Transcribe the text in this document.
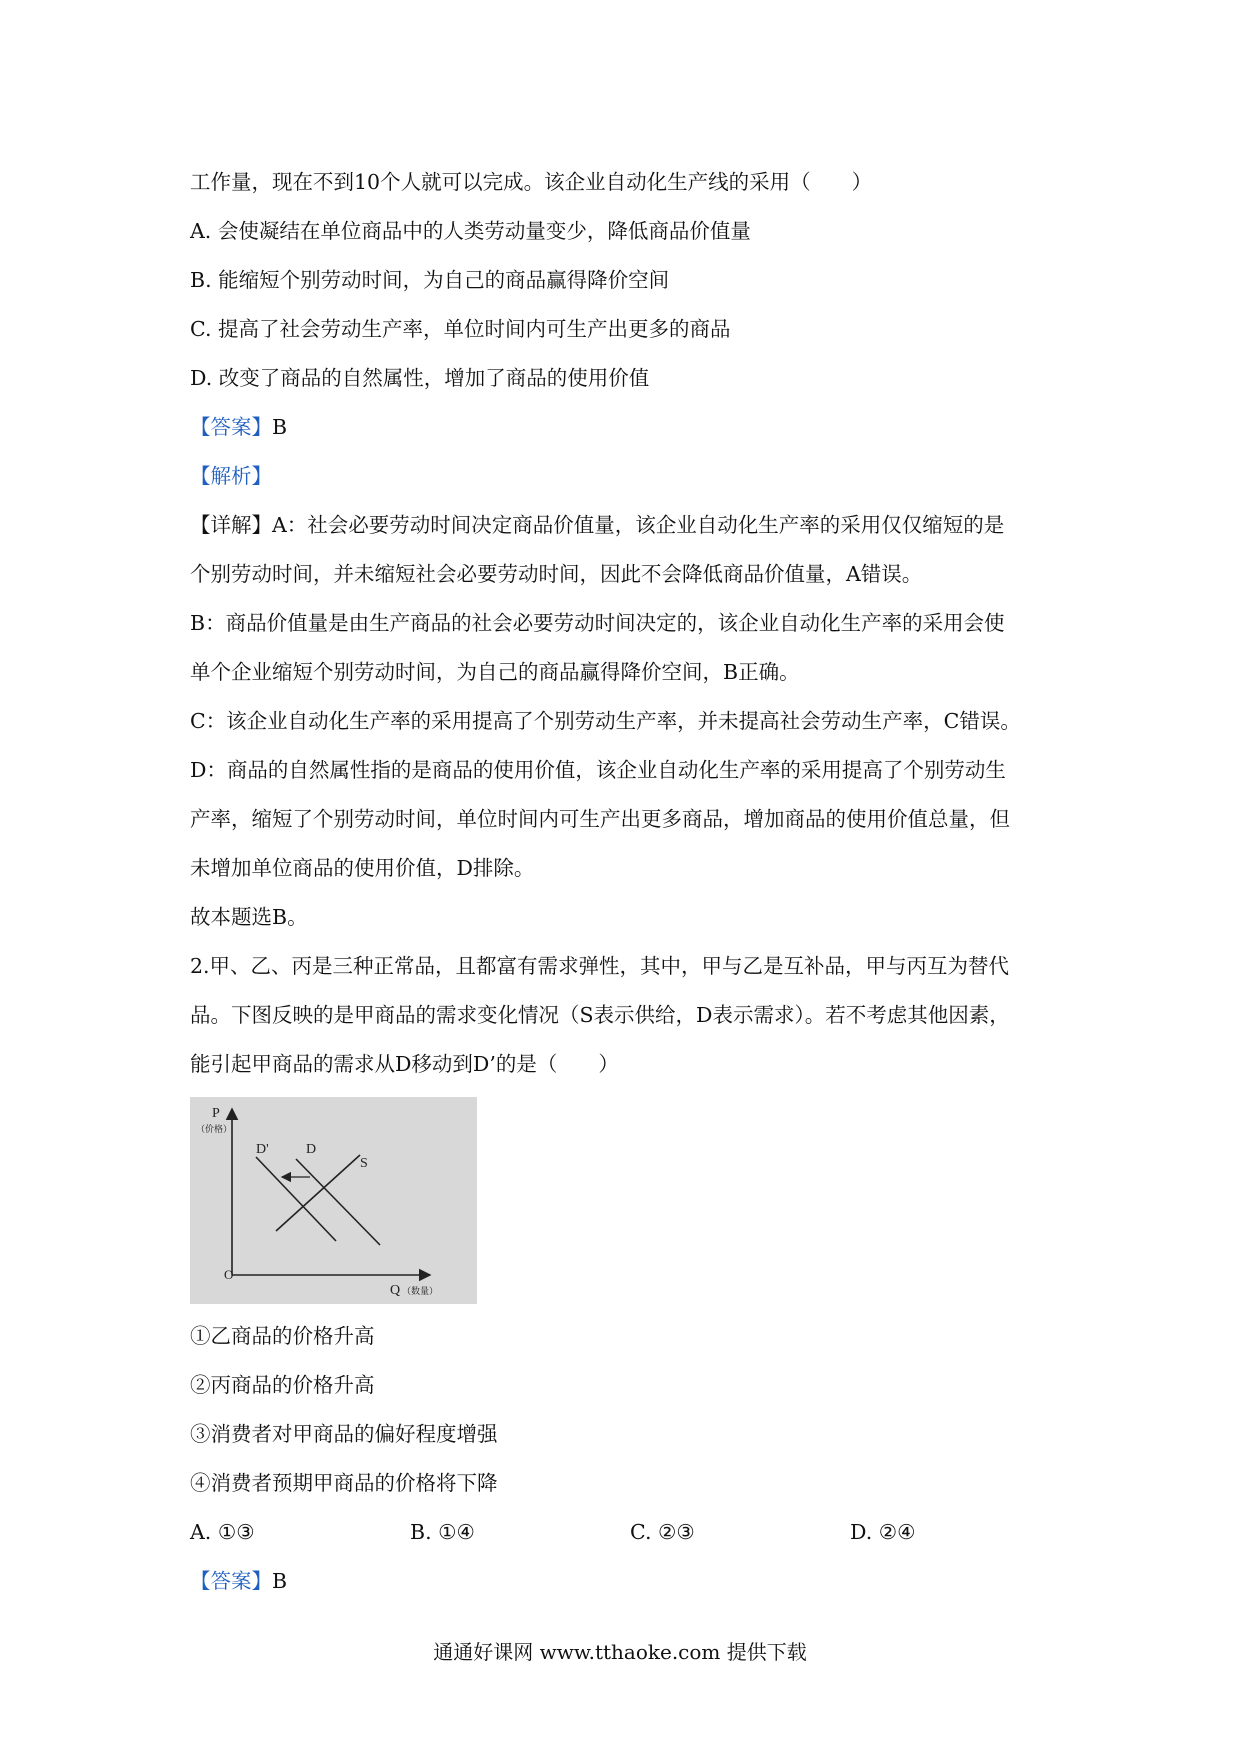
工作量，现在不到10个人就可以完成。该企业自动化生产线的采用（　　）
A. 会使凝结在单位商品中的人类劳动量变少，降低商品价值量
B. 能缩短个别劳动时间，为自己的商品赢得降价空间
C. 提高了社会劳动生产率，单位时间内可生产出更多的商品
D. 改变了商品的自然属性，增加了商品的使用价值
【答案】B
【解析】
【详解】A：社会必要劳动时间决定商品价值量，该企业自动化生产率的采用仅仅缩短的是
个别劳动时间，并未缩短社会必要劳动时间，因此不会降低商品价值量，A错误。
B：商品价值量是由生产商品的社会必要劳动时间决定的，该企业自动化生产率的采用会使
单个企业缩短个别劳动时间，为自己的商品赢得降价空间，B正确。
C：该企业自动化生产率的采用提高了个别劳动生产率，并未提高社会劳动生产率，C错误。
D：商品的自然属性指的是商品的使用价值，该企业自动化生产率的采用提高了个别劳动生
产率，缩短了个别劳动时间，单位时间内可生产出更多商品，增加商品的使用价值总量，但
未增加单位商品的使用价值，D排除。
故本题选B。
2.甲、乙、丙是三种正常品，且都富有需求弹性，其中，甲与乙是互补品，甲与丙互为替代
品。下图反映的是甲商品的需求变化情况（S表示供给，D表示需求）。若不考虑其他因素，
能引起甲商品的需求从D移动到D’的是（　　）
P
（价格）
O
Q （数量）
D'	D
S
①乙商品的价格升高
②丙商品的价格升高
③消费者对甲商品的偏好程度增强
④消费者预期甲商品的价格将下降
A. ①③	B. ①④	C. ②③	D. ②④
【答案】B
通通好课网 www.tthaoke.com 提供下载
